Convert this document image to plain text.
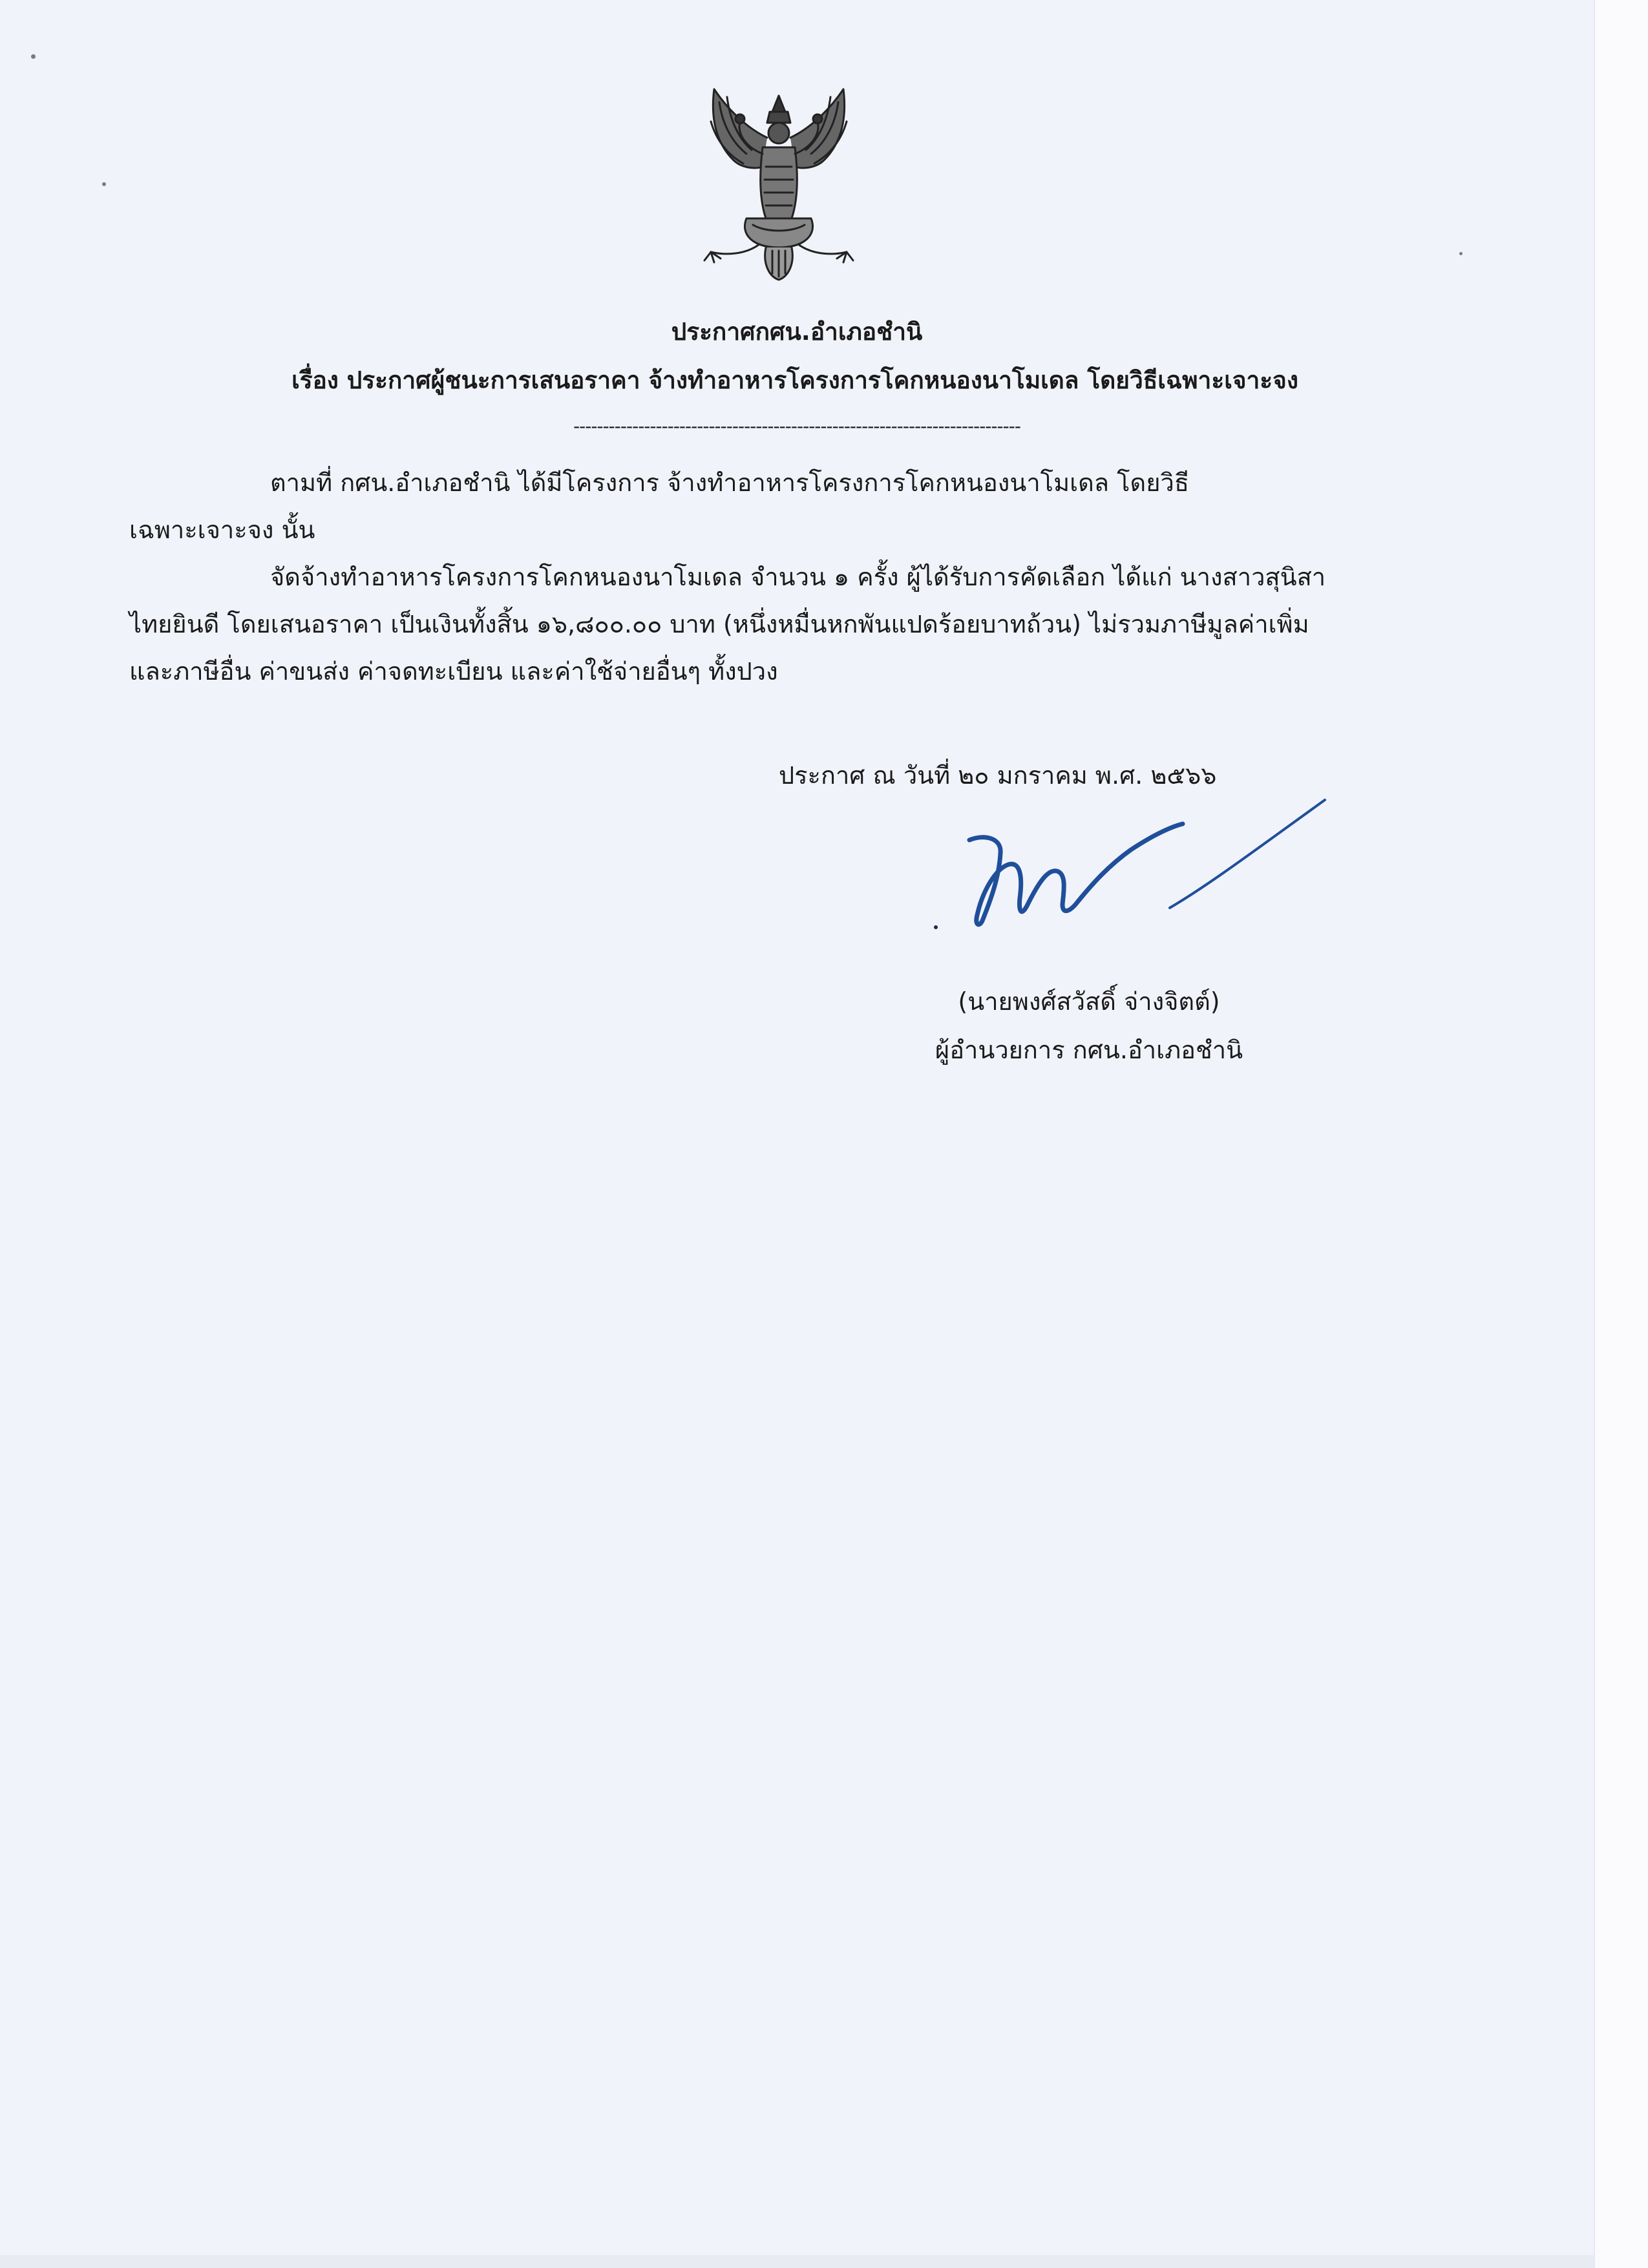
ประกาศกศน.อำเภอชำนิ
เรื่อง ประกาศผู้ชนะการเสนอราคา จ้างทำอาหารโครงการโคกหนองนาโมเดล โดยวิธีเฉพาะเจาะจง
----------------------------------------------------------------------------
ตามที่ กศน.อำเภอชำนิ ได้มีโครงการ จ้างทำอาหารโครงการโคกหนองนาโมเดล โดยวิธี
เฉพาะเจาะจง นั้น
จัดจ้างทำอาหารโครงการโคกหนองนาโมเดล จำนวน ๑ ครั้ง ผู้ได้รับการคัดเลือก ได้แก่ นางสาวสุนิสา
ไทยยินดี โดยเสนอราคา เป็นเงินทั้งสิ้น ๑๖,๘๐๐.๐๐ บาท (หนึ่งหมื่นหกพันแปดร้อยบาทถ้วน) ไม่รวมภาษีมูลค่าเพิ่ม
และภาษีอื่น ค่าขนส่ง ค่าจดทะเบียน และค่าใช้จ่ายอื่นๆ ทั้งปวง
ประกาศ ณ วันที่ ๒๐ มกราคม พ.ศ. ๒๕๖๖
(นายพงศ์สวัสดิ์ จ่างจิตต์)
ผู้อำนวยการ กศน.อำเภอชำนิ
